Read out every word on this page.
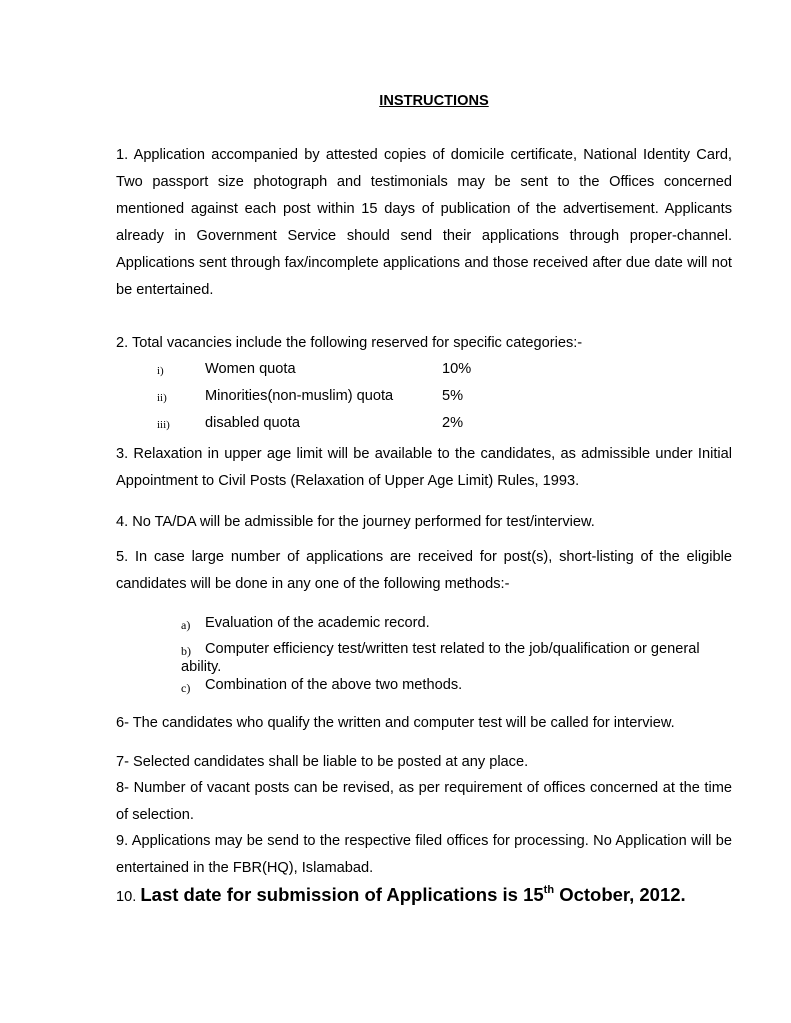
INSTRUCTIONS
1. Application accompanied by attested copies of domicile certificate, National Identity Card, Two passport size photograph and testimonials may be sent to the Offices concerned mentioned against each post within 15 days of publication of the advertisement. Applicants already in Government Service should send their applications through proper-channel. Applications sent through fax/incomplete applications and those received after due date will not be entertained.
2. Total vacancies include the following reserved for specific categories:-
i)	Women quota	10%
ii)	Minorities(non-muslim) quota	5%
iii) disabled quota	2%
3. Relaxation in upper age limit will be available to the candidates, as admissible under Initial Appointment to Civil Posts (Relaxation of Upper Age Limit) Rules, 1993.
4. No TA/DA will be admissible for the journey performed for test/interview.
5. In case large number of applications are received for post(s), short-listing of the eligible candidates will be done in any one of the following methods:-
a) Evaluation of the academic record.
b) Computer efficiency test/written test related to the job/qualification or general
ability.
c) Combination of the above two methods.
6- The candidates who qualify the written and computer test will be called for interview.
7- Selected candidates shall be liable to be posted at any place.
8- Number of vacant posts can be revised, as per requirement of offices concerned at the time of selection.
9. Applications may be send to the respective filed offices for processing. No Application will be entertained in the FBR(HQ), Islamabad.
10. Last date for submission of Applications is 15th October, 2012.
